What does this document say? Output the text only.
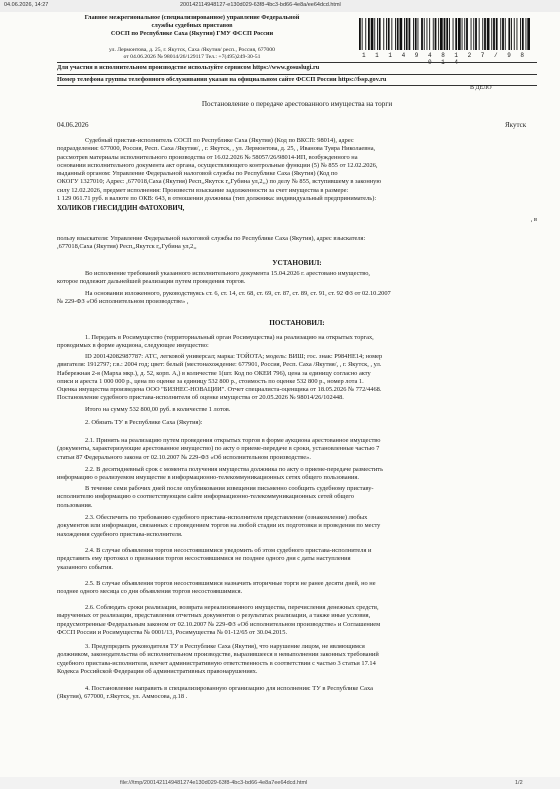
04.06.2026, 14:27	200142114948127-e130d029-63f8-4bc3-bd66-4e8a/ee64dcd.html
Главное межрегиональное (специализированное) управление Федеральной
службы судебных приставов
СОСП по Республике Саха (Якутия) ГМУ ФССП России
ул. Лермонтова, д. 25, г. Якутск, Саха /Якутия/ респ., Россия, 677000
от 04.06.2026 № 98014/26/129117 Тел.: +7(495)249-30-51	1 1 1 4 9 4 8 1 2 7 / 9 8 0 1 4
Для участия в исполнительном производстве используйте сервисом https://www.gosuslugi.ru
Номер телефона группы телефонного обслуживания указан на официальном сайте ФССП России https://fssp.gov.ru
В ДЕЛО
Постановление о передаче арестованного имущества на торги
04.06.2026	Якутск
Судебный пристав-исполнитель СОСП по Республике Саха (Якутия) (Код по ВКСП: 98014), адрес
подразделения: 677000, Россия, Респ. Саха /Якутия/, , г. Якутск, , ул. Лермонтова, д. 25, , Иванова Туяра Николаевна,
рассмотрев материалы исполнительного производства от 16.02.2026 № 58057/26/98014-ИП, возбужденного на
основании исполнительного документа акт органа, осуществляющего контрольные функции (5) № 855 от 12.02.2026,
выданный органом: Управление Федеральной налоговой службы по Республике Саха (Якутия) (Код по
ОКОГУ 1327010; Адрес: ,677018,Саха (Якутия) Респ,,Якутск г,,Губина ул,2,,) по делу № 855, вступившему в законную
силу 12.02.2026, предмет исполнения: Произвести взыскание задолженности за счет имущества в размере:
1 129 061.71 руб. в валюте по ОКВ: 643, в отношении должника (тип должника: индивидуальный предприниматель):
ХОЛИКОВ ГИЕСИДДИН ФАТОХОВИЧ,
, в
пользу взыскателя: Управление Федеральной налоговой службы по Республике Саха (Якутия), адрес взыскателя:
,677018,Саха (Якутия) Респ,,Якутск г,,Губина ул,2,,
УСТАНОВИЛ:
Во исполнение требований указанного исполнительного документа 15.04.2026 г. арестовано имущество,
которое подлежит дальнейшей реализации путем проведения торгов.
На основании изложенного, руководствуясь ст. 6, ст. 14, ст. 68, ст. 69, ст. 87, ст. 89, ст. 91, ст. 92 ФЗ от 02.10.2007
№ 229-ФЗ «Об исполнительном производстве» ,
ПОСТАНОВИЛ:
1. Передать в Росимущество (территориальный орган Росимущества) на реализацию на открытых торгах,
проводимых в форме аукциона, следующее имущество:
ID 200142082987787: АТС, легковой универсал; марка: ТОЙОТА; модель: ВИШ; гос. знак: Р984НЕ14; номер
двигателя: 1912797; г.в.: 2004 год; цвет: белый (местонахождение: 677901, Россия, Респ. Саха /Якутия/, , г. Якутск, , ул.
Набережная 2-я (Марха мкр.), д. 52, корп. А,) в количестве 1(шт. Код по ОКЕИ 796), цена за единицу согласно акту
описи и ареста 1 000 000 р., цена по оценке за единицу 532 800 р., стоимость по оценке 532 800 р., номер лота 1.
Оценка имущества произведена ООО "БИЗНЕС-НОВАЦИИ". Отчет специалиста-оценщика от 18.05.2026 № 772/4468.
Постановление судебного пристава-исполнителя об оценке имущества от 20.05.2026 № 98014/26/102448.
Итого на сумму 532 800,00 руб. в количестве 1 лотов.
2. Обязать ТУ в Республике Саха (Якутия):
2.1. Принять на реализацию путем проведения открытых торгов в форме аукциона арестованное имущество
(документы, характеризующие арестованное имущество) по акту о приеме-передаче в сроки, установленные частью 7
статьи 87 Федерального закона от 02.10.2007 № 229-ФЗ «Об исполнительном производстве».
2.2. В десятидневный срок с момента получения имущества должника по акту о приеме-передаче разместить
информацию о реализуемом имуществе в информационно-телекоммуникационных сетях общего пользования.
В течение семи рабочих дней после опубликования извещения письменно сообщить судебному приставу-
исполнителю информацию о соответствующем сайте информационно-телекоммуникационных сетей общего
пользования.
2.3. Обеспечить по требованию судебного пристава-исполнителя представление (ознакомление) любых
документов или информации, связанных с проведением торгов на любой стадии их подготовки и проведения по месту
нахождения судебного пристава-исполнителя.
2.4. В случае объявления торгов несостоявшимися уведомить об этом судебного пристава-исполнителя и
представить ему протокол о признании торгов несостоявшимися не позднее одного дня с даты наступления
указанного события.
2.5. В случае объявления торгов несостоявшимися назначить вторичные торги не ранее десяти дней, но не
позднее одного месяца со дня объявления торгов несостоявшимися.
2.6. Соблюдать сроки реализации, возврата нереализованного имущества, перечисления денежных средств,
вырученных от реализации, представления отчетных документов о результатах реализации, а также иные условия,
предусмотренные Федеральным законом от 02.10.2007 № 229-ФЗ «Об исполнительном производстве» и Соглашением
ФССП России и Росимущества № 0001/13, Росимущества № 01-12/65 от 30.04.2015.
3. Предупредить руководителя ТУ в Республике Саха (Якутия), что нарушение лицом, не являющимся
должником, законодательства об исполнительном производстве, выразившееся в невыполнении законных требований
судебного пристава-исполнителя, влечет административную ответственность в соответствии с частью 3 статьи 17.14
Кодекса Российской Федерации об административных правонарушениях.
4. Постановление направить в специализированную организацию для исполнения: ТУ в Республике Саха
(Якутия), 677000, г.Якутск, ул. Аммосова, д.18 .
file:///tmp/2001421149481274e130d029-63f8-4bc3-bd66-4e8a7ee64dcd.html	1/2
